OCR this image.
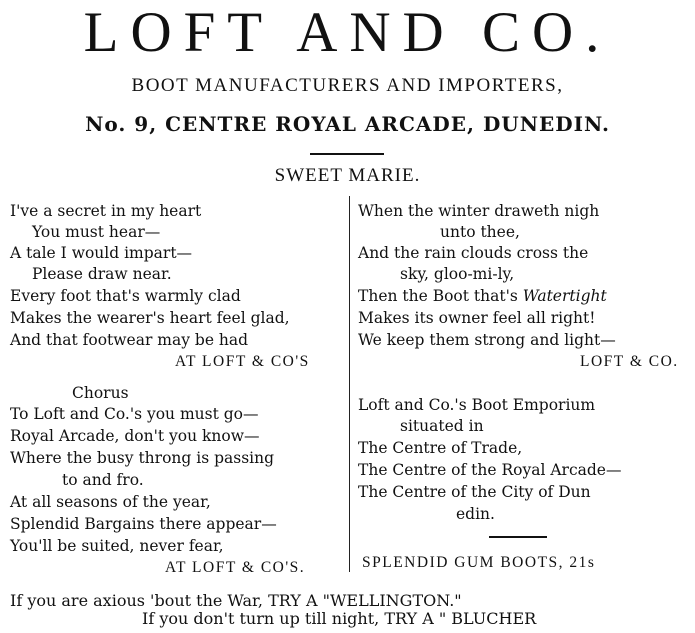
LOFT AND CO.
BOOT MANUFACTURERS AND IMPORTERS,
No. 9, CENTRE ROYAL ARCADE, DUNEDIN.
SWEET MARIE.
I've a secret in my heart
You must hear—
A tale I would impart—
Please draw near.
Every foot that's warmly clad
Makes the wearer's heart feel glad,
And that footwear may be had
AT LOFT & CO'S
Chorus
To Loft and Co.'s you must go—
Royal Arcade, don't you know—
Where the busy throng is passing
to and fro.
At all seasons of the year,
Splendid Bargains there appear—
You'll be suited, never fear,
AT LOFT & CO'S.
When the winter draweth nigh
unto thee,
And the rain clouds cross the
sky, gloo-mi-ly,
Then the Boot that's Watertight
Makes its owner feel all right!
We keep them strong and light—
LOFT & CO.
Loft and Co.'s Boot Emporium
situated in
The Centre of Trade,
The Centre of the Royal Arcade—
The Centre of the City of Dun
edin.
SPLENDID GUM BOOTS, 21s
If you are axious 'bout the War, TRY A "WELLINGTON."
If you don't turn up till night, TRY A " BLUCHER
